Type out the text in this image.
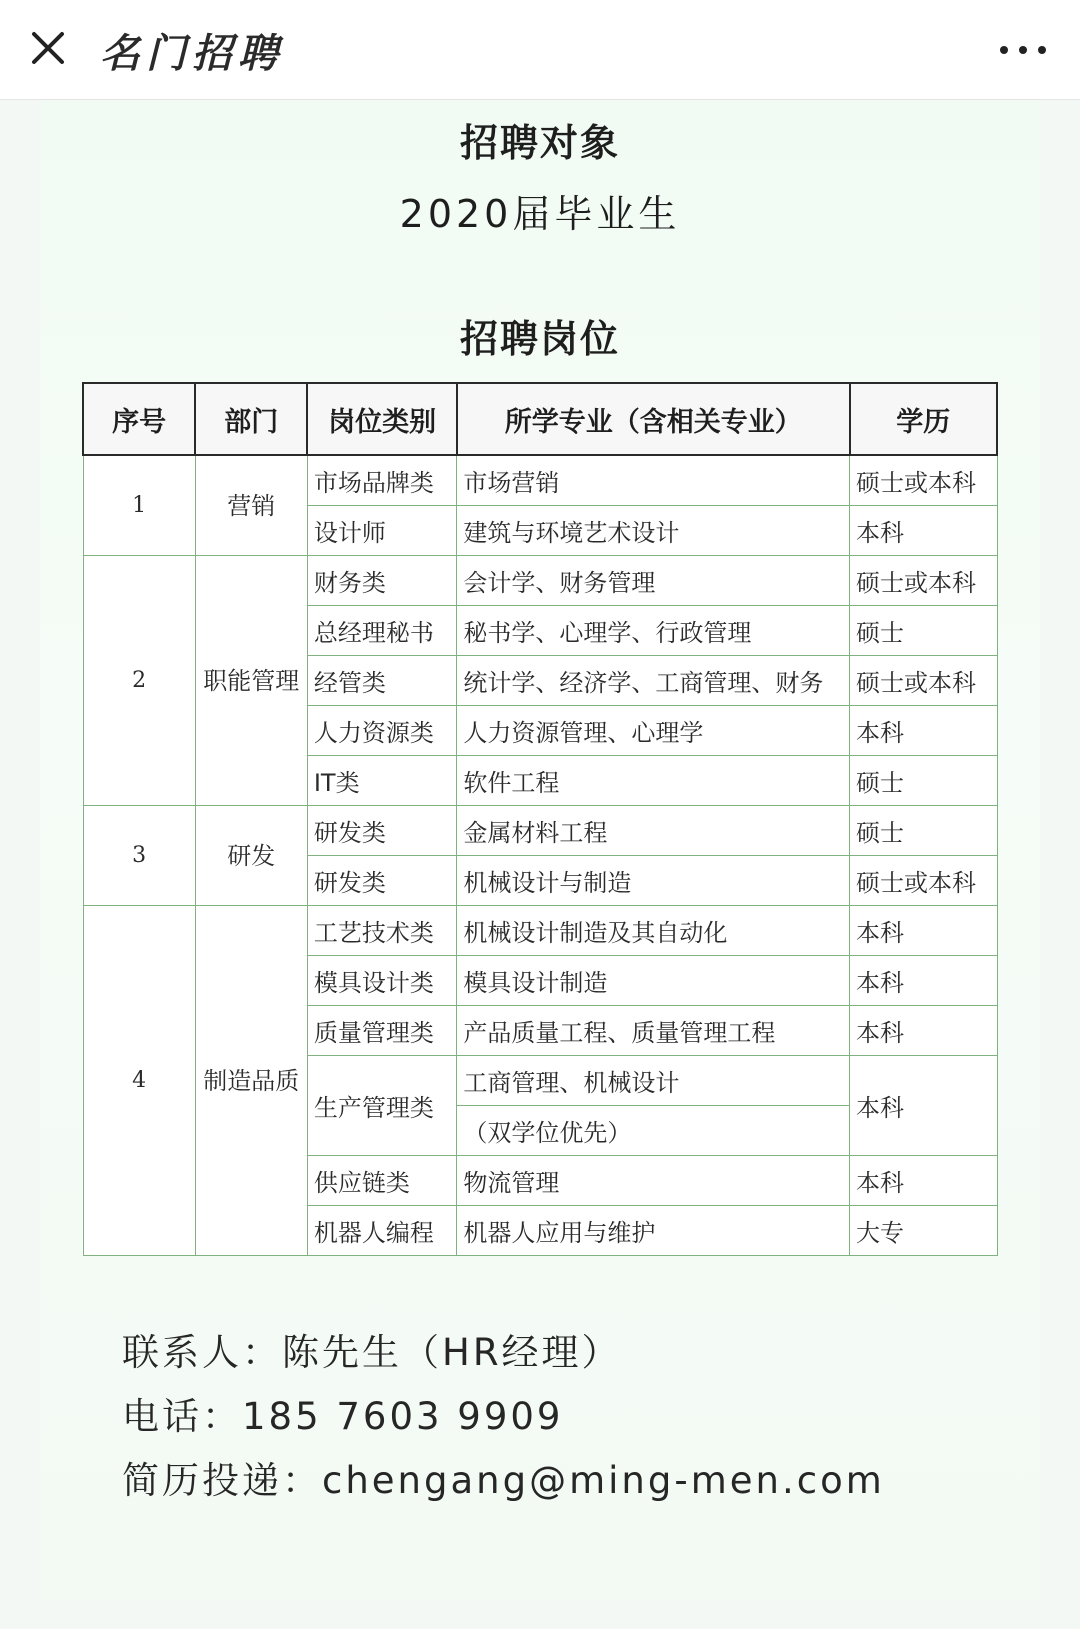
名门招聘
招聘对象
2020届毕业生
招聘岗位
序号	部门	岗位类别	所学专业（含相关专业）	学历
1	营销	市场品牌类	市场营销	硕士或本科
		设计师	建筑与环境艺术设计	本科
2	职能管理	财务类	会计学、财务管理	硕士或本科
		总经理秘书	秘书学、心理学、行政管理	硕士
		经管类	统计学、经济学、工商管理、财务	硕士或本科
		人力资源类	人力资源管理、心理学	本科
		IT类	软件工程	硕士
3	研发	研发类	金属材料工程	硕士
		研发类	机械设计与制造	硕士或本科
4	制造品质	工艺技术类	机械设计制造及其自动化	本科
		模具设计类	模具设计制造	本科
		质量管理类	产品质量工程、质量管理工程	本科
		生产管理类	工商管理、机械设计	本科
			（双学位优先）	
		供应链类	物流管理	本科
		机器人编程	机器人应用与维护	大专
联系人：陈先生（HR经理）
电话：185 7603 9909
简历投递：chengang@ming-men.com
